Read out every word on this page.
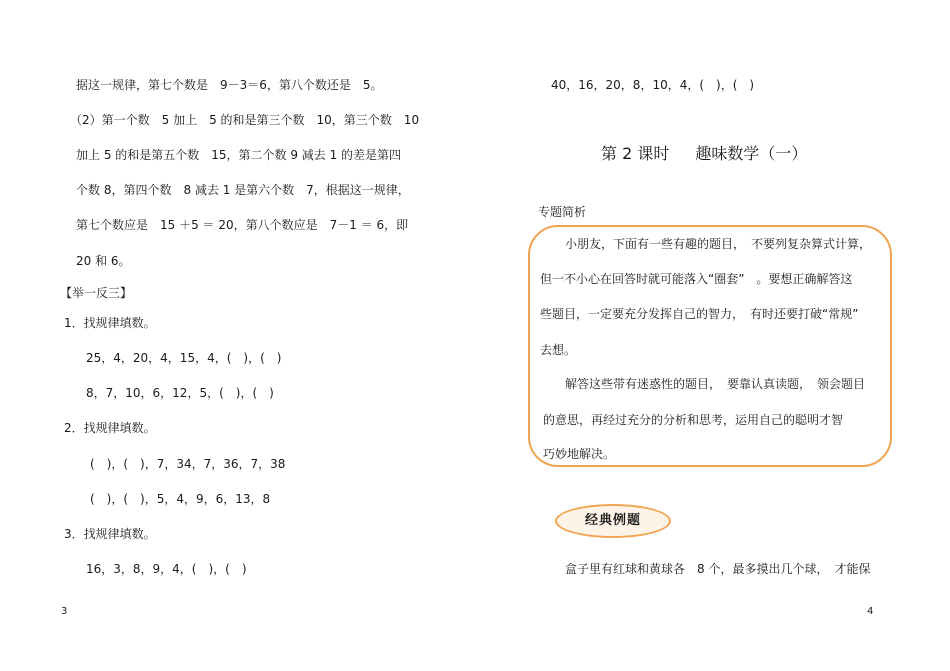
据这一规律，第七个数是　9－3＝6，第八个数还是　5。
（2）第一个数　5 加上　5 的和是第三个数　10，第三个数　10
加上 5 的和是第五个数　15，第二个数 9 减去 1 的差是第四
个数 8，第四个数　8 减去 1 是第六个数　7，根据这一规律，
第七个数应是　15 ＋5 ＝ 20，第八个数应是　7－1 ＝ 6，即
20 和 6。
【举一反三】
1．找规律填数。
25，4，20，4，15，4，(　)，(　)
8，7，10，6，12，5，(　)，(　)
2．找规律填数。
(　)，(　)，7，34，7，36，7，38
(　)，(　)，5，4，9，6，13，8
3．找规律填数。
16，3，8，9，4，(　)，(　)
3
40，16，20，8，10，4，(　)，(　)
第 2 课时 趣味数学（一）
专题简析
小朋友，下面有一些有趣的题目，　不要列复杂算式计算，
但一不小心在回答时就可能落入“圈套”　。要想正确解答这
些题目，一定要充分发挥自己的智力，　有时还要打破“常规”
去想。
解答这些带有迷惑性的题目，　要靠认真读题，　领会题目
的意思，再经过充分的分析和思考，运用自己的聪明才智
巧妙地解决。
经典例题
盒子里有红球和黄球各　8 个，最多摸出几个球，　才能保
4
